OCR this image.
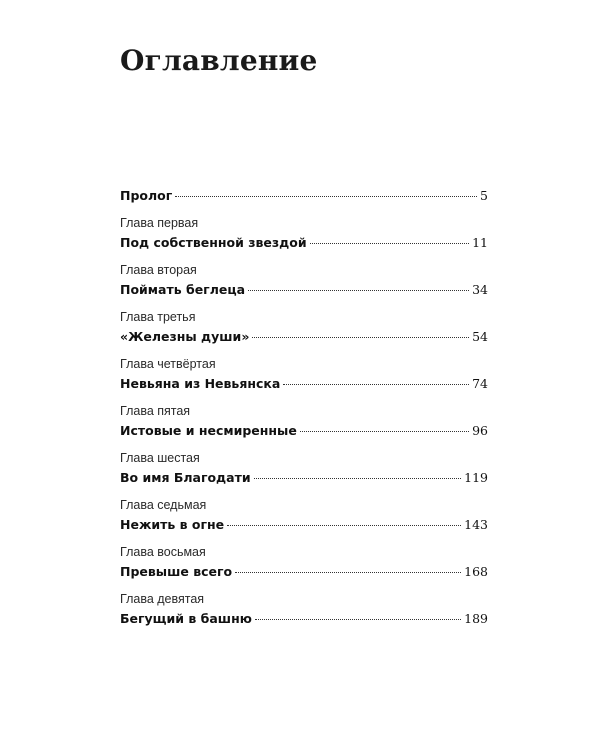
Оглавление
Пролог	5
Глава первая
Под собственной звездой	11
Глава вторая
Поймать беглеца	34
Глава третья
«Железны души»	54
Глава четвёртая
Невьяна из Невьянска	74
Глава пятая
Истовые и несмиренные	96
Глава шестая
Во имя Благодати	119
Глава седьмая
Нежить в огне	143
Глава восьмая
Превыше всего	168
Глава девятая
Бегущий в башню	189
